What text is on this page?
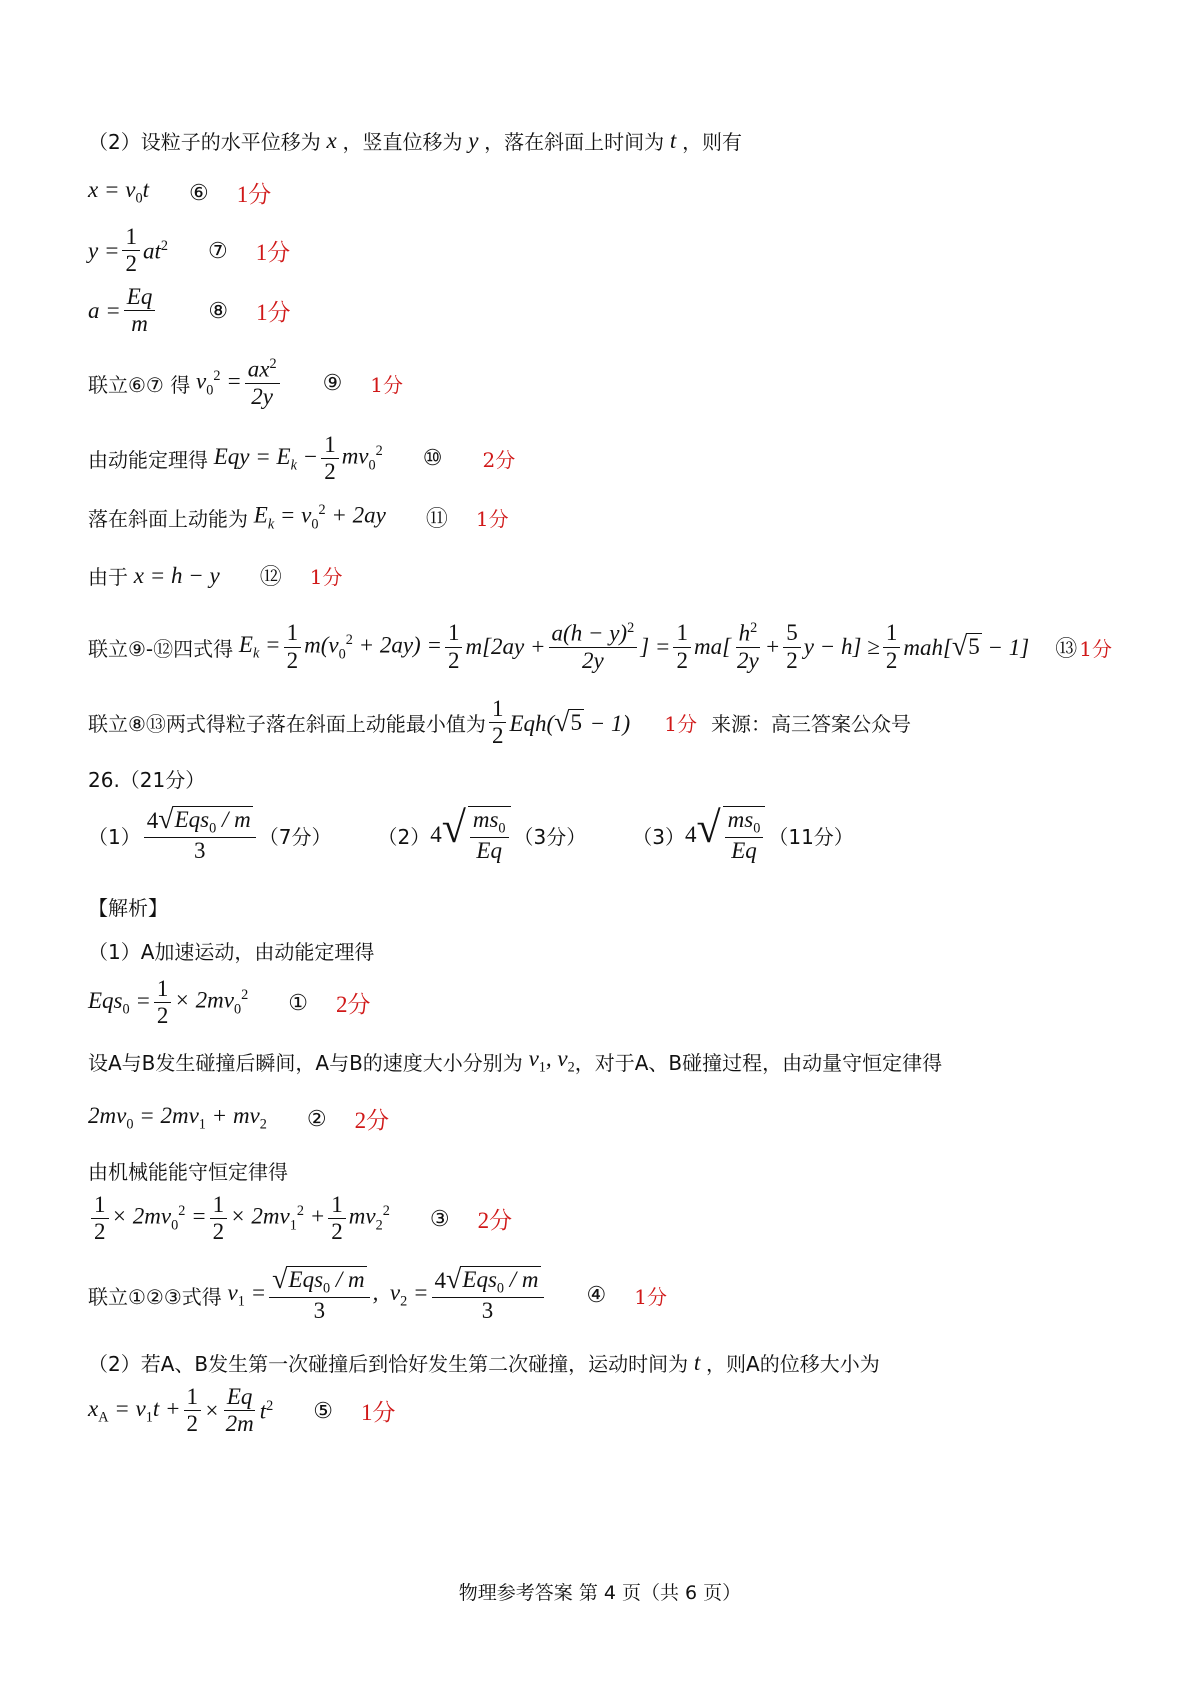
（2）设粒子的水平位移为 x ，竖直位移为 y ，落在斜面上时间为 t ，则有
$x = v_0t$ ⑥ 1分
$y = \frac{1}{2} at^2$ ⑦ 1分
$a = \frac{Eq}{m}$ ⑧ 1分
联立⑥⑦ 得 $v_0^2 = \frac{ax^2}{2y}$ ⑨ 1分
由动能定理得 Eqy = $E_k - \frac{1}{2} mv_0^2$ ⑩ 2分
落在斜面上动能为 $E_k = v_0^2 + 2ay$ ⑪ 1分
由于 x = h − y ⑫ 1分
联立⑨-⑫四式得 $E_k = \frac{1}{2} m(v_0^2 + 2ay) = \frac{1}{2} m[2ay + \frac{a(h - y)^2}{2y}$ ] = $\frac{1}{2} ma[ \frac{h^2}{2y} + \frac{5}{2}$ $y - h] \ge \frac{1}{2} mah$[ √ 5 − 1] ⑬ 1分
联立⑧⑬两式得粒子落在斜面上动能最小值为 $\frac{1}{2} Eqh$( √ 5 − 1) 1分 来源：高三答案公众号
26.（21分）
$(1) \frac{4 √ Eqs_0 / m}{3} (7$分） （2） 4 √ $\frac{ms_0}{Eq} (3$分） （3） 4 √ $\frac{ms_0}{Eq} (11$分）
【解析】
（1）A加速运动，由动能定理得
$Eqs_0 = \frac{1}{2} \times 2mv_0^2$ ① 2分
设A与B发生碰撞后瞬间，A与B的速度大小分别为 $v_1$, $v_2$ ，对于A、B碰撞过程，由动量守恒定律得
$2mv_0 = 2mv_1 + mv_2$ ② 2分
由机械能能守恒定律得
$\frac{1}{2} \times 2mv_0^2 = \frac{1}{2} \times 2mv_1^2 + \frac{1}{2} mv_2^2$ ③ 2分
联立①②③式得 $v_1 = \frac{√ Eqs_0 / m}{3}$ ,  $v_2 = \frac{4 √ Eqs_0 / m}{3}$ ④ 1分
（2）若A、B发生第一次碰撞后到恰好发生第二次碰撞，运动时间为 t ，则A的位移大小为
$x_A = v_1t + \frac{1}{2} \times \frac{Eq}{2m} t^2$ ⑤ 1分
物理参考答案 第 4 页（共 6 页）
